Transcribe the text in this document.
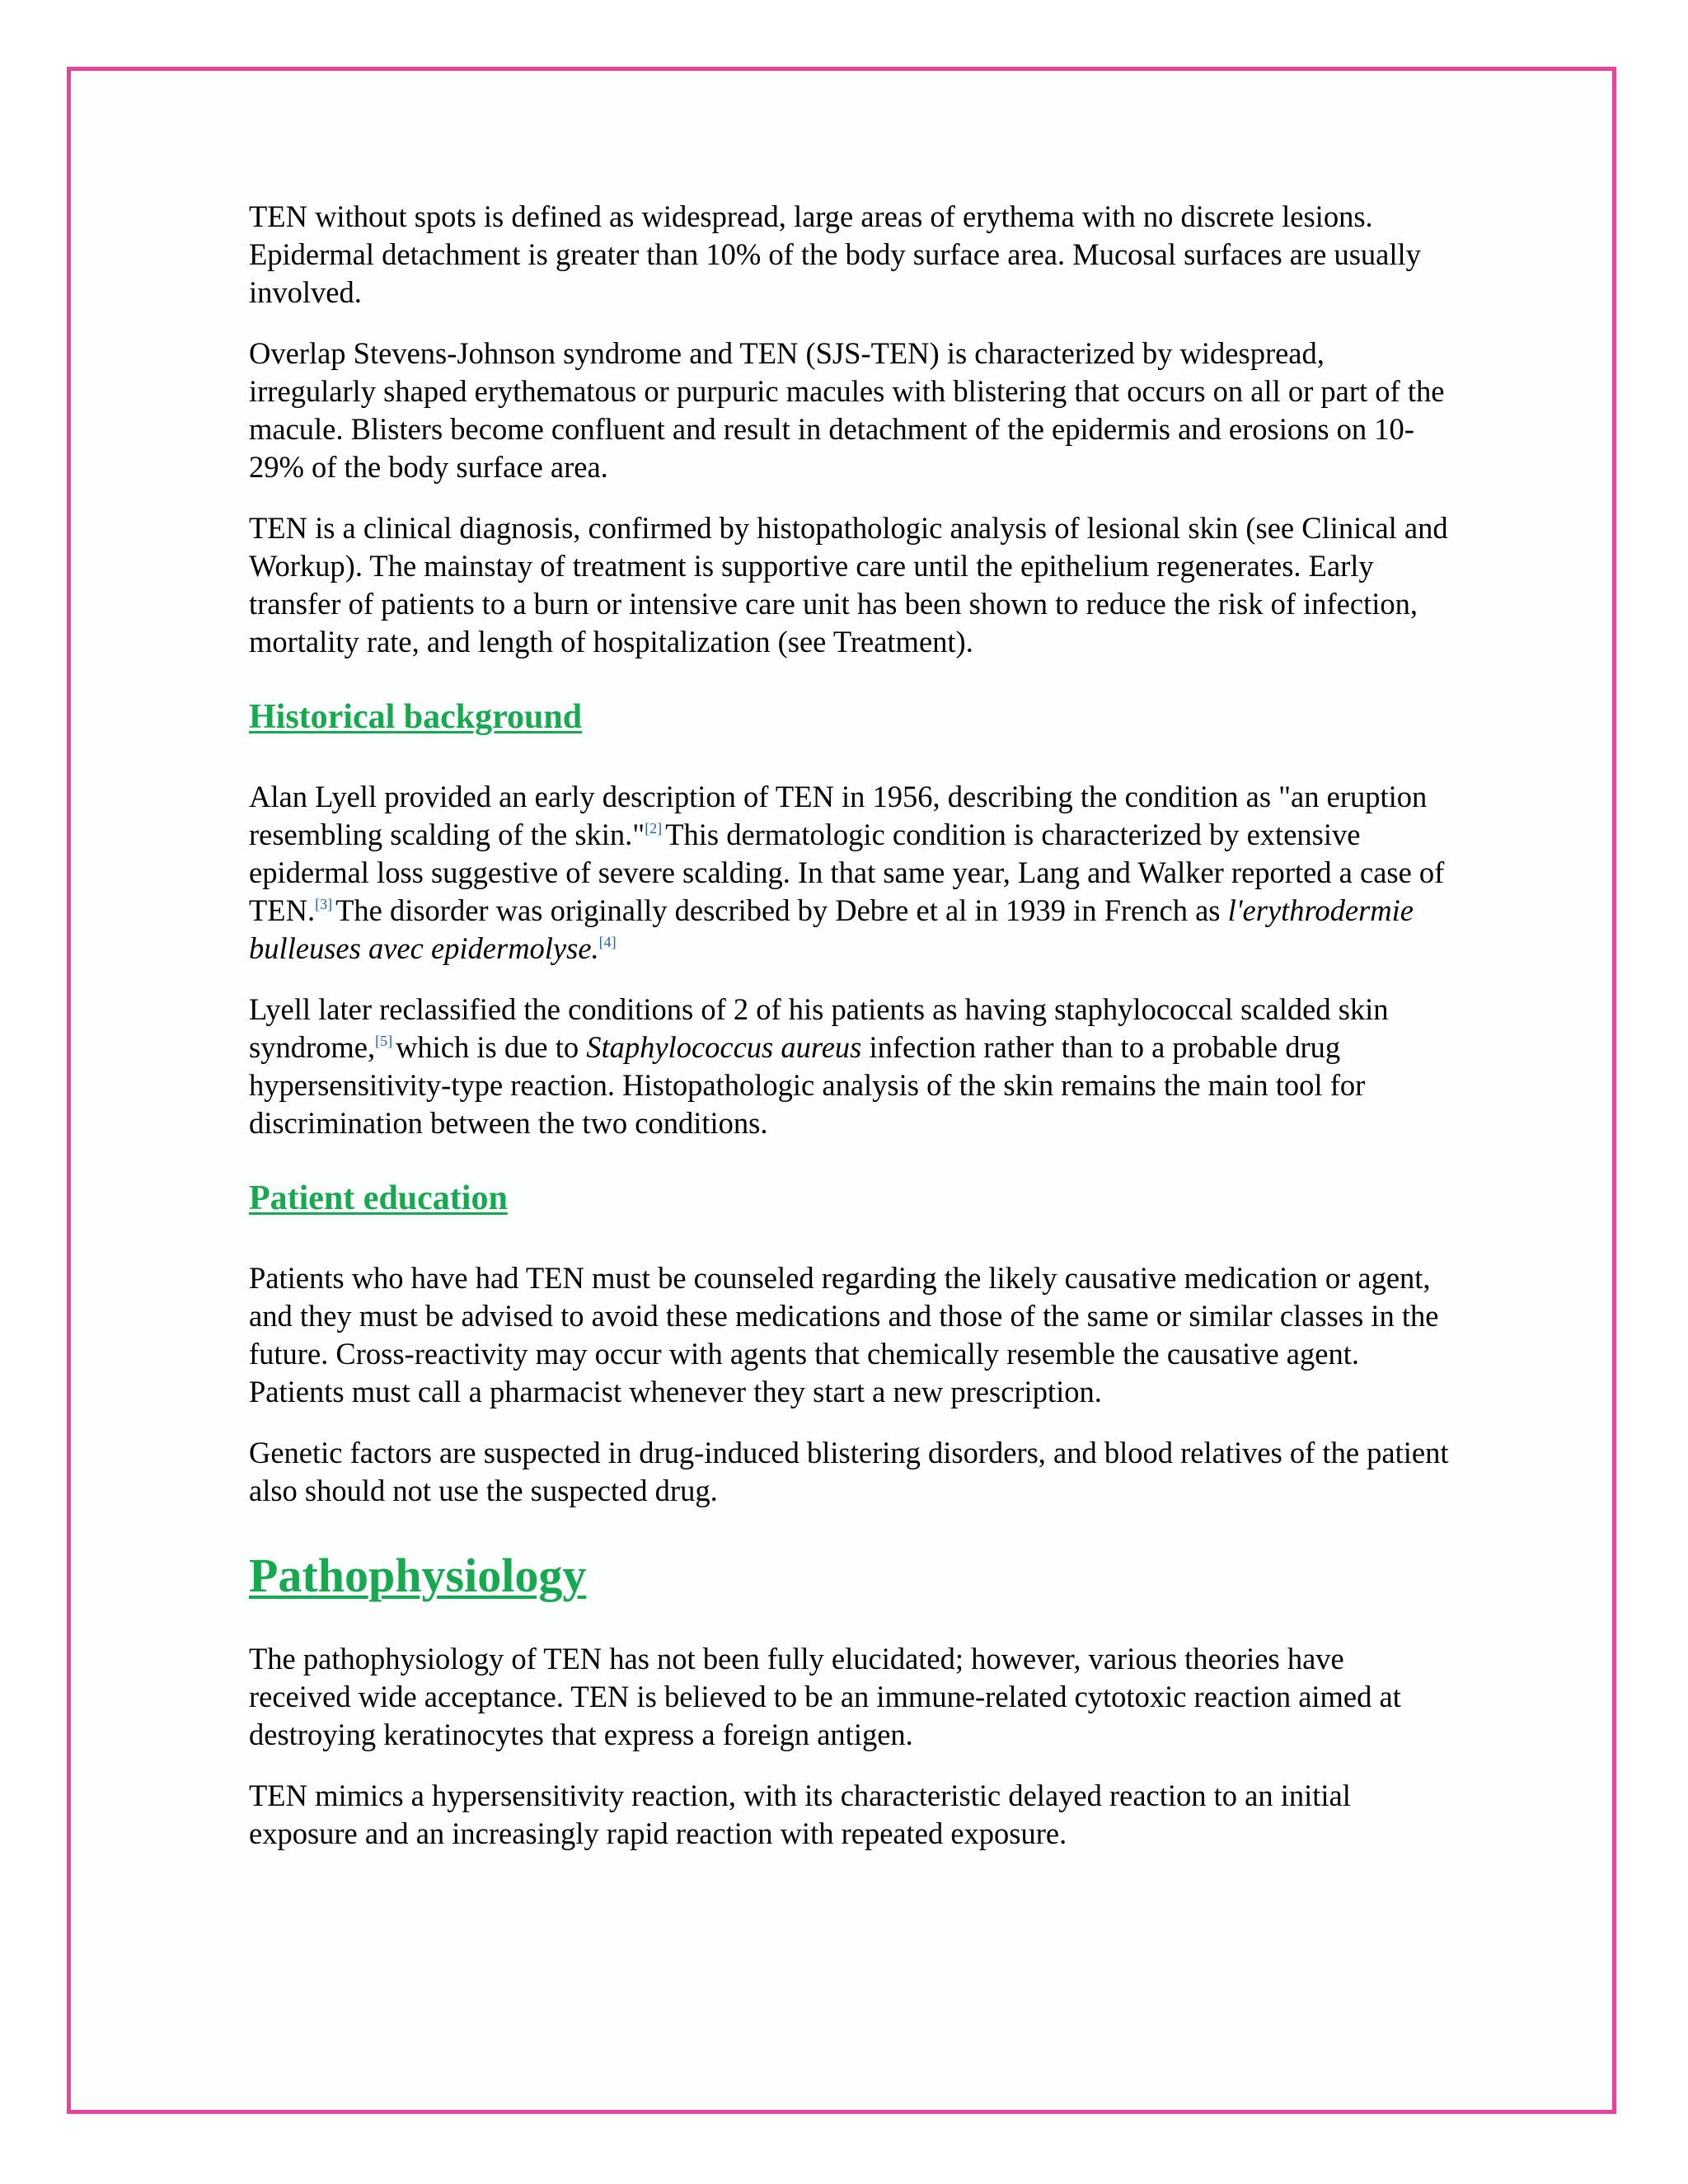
TEN without spots is defined as widespread, large areas of erythema with no discrete lesions. Epidermal detachment is greater than 10% of the body surface area. Mucosal surfaces are usually involved.

Overlap Stevens-Johnson syndrome and TEN (SJS-TEN) is characterized by widespread, irregularly shaped erythematous or purpuric macules with blistering that occurs on all or part of the macule. Blisters become confluent and result in detachment of the epidermis and erosions on 10-29% of the body surface area.

TEN is a clinical diagnosis, confirmed by histopathologic analysis of lesional skin (see Clinical and Workup). The mainstay of treatment is supportive care until the epithelium regenerates. Early transfer of patients to a burn or intensive care unit has been shown to reduce the risk of infection, mortality rate, and length of hospitalization (see Treatment).

Historical background

Alan Lyell provided an early description of TEN in 1956, describing the condition as "an eruption resembling scalding of the skin."[2] This dermatologic condition is characterized by extensive epidermal loss suggestive of severe scalding. In that same year, Lang and Walker reported a case of TEN.[3] The disorder was originally described by Debre et al in 1939 in French as l'erythrodermie bulleuses avec epidermolyse.[4]

Lyell later reclassified the conditions of 2 of his patients as having staphylococcal scalded skin syndrome,[5] which is due to Staphylococcus aureus infection rather than to a probable drug hypersensitivity-type reaction. Histopathologic analysis of the skin remains the main tool for discrimination between the two conditions.

Patient education

Patients who have had TEN must be counseled regarding the likely causative medication or agent, and they must be advised to avoid these medications and those of the same or similar classes in the future. Cross-reactivity may occur with agents that chemically resemble the causative agent. Patients must call a pharmacist whenever they start a new prescription.

Genetic factors are suspected in drug-induced blistering disorders, and blood relatives of the patient also should not use the suspected drug.

Pathophysiology

The pathophysiology of TEN has not been fully elucidated; however, various theories have received wide acceptance. TEN is believed to be an immune-related cytotoxic reaction aimed at destroying keratinocytes that express a foreign antigen.

TEN mimics a hypersensitivity reaction, with its characteristic delayed reaction to an initial exposure and an increasingly rapid reaction with repeated exposure.
